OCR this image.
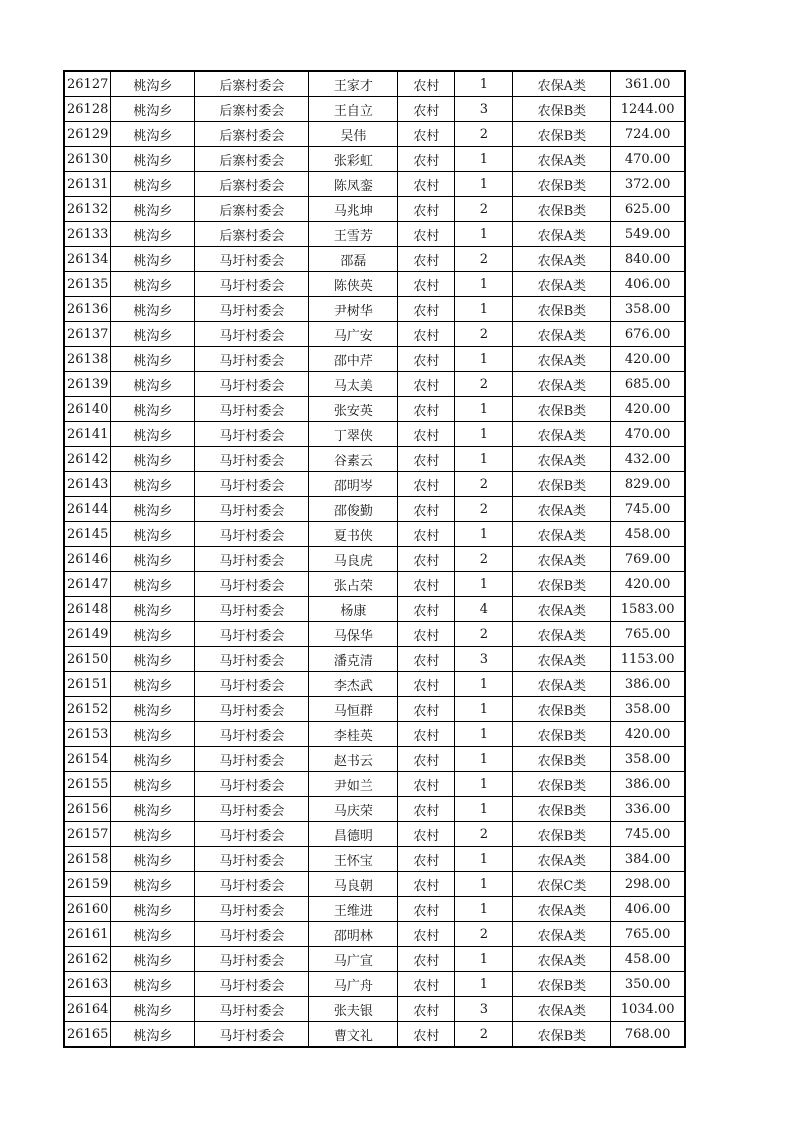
26127	桃沟乡	后寨村委会	王家才	农村	1	农保A类	361.00
26128	桃沟乡	后寨村委会	王自立	农村	3	农保B类	1244.00
26129	桃沟乡	后寨村委会	吴伟	农村	2	农保B类	724.00
26130	桃沟乡	后寨村委会	张彩虹	农村	1	农保A类	470.00
26131	桃沟乡	后寨村委会	陈凤銮	农村	1	农保B类	372.00
26132	桃沟乡	后寨村委会	马兆坤	农村	2	农保B类	625.00
26133	桃沟乡	后寨村委会	王雪芳	农村	1	农保A类	549.00
26134	桃沟乡	马圩村委会	邵磊	农村	2	农保A类	840.00
26135	桃沟乡	马圩村委会	陈侠英	农村	1	农保A类	406.00
26136	桃沟乡	马圩村委会	尹树华	农村	1	农保B类	358.00
26137	桃沟乡	马圩村委会	马广安	农村	2	农保A类	676.00
26138	桃沟乡	马圩村委会	邵中芹	农村	1	农保A类	420.00
26139	桃沟乡	马圩村委会	马太美	农村	2	农保A类	685.00
26140	桃沟乡	马圩村委会	张安英	农村	1	农保B类	420.00
26141	桃沟乡	马圩村委会	丁翠侠	农村	1	农保A类	470.00
26142	桃沟乡	马圩村委会	谷素云	农村	1	农保A类	432.00
26143	桃沟乡	马圩村委会	邵明岑	农村	2	农保B类	829.00
26144	桃沟乡	马圩村委会	邵俊勤	农村	2	农保A类	745.00
26145	桃沟乡	马圩村委会	夏书侠	农村	1	农保A类	458.00
26146	桃沟乡	马圩村委会	马良虎	农村	2	农保A类	769.00
26147	桃沟乡	马圩村委会	张占荣	农村	1	农保B类	420.00
26148	桃沟乡	马圩村委会	杨康	农村	4	农保A类	1583.00
26149	桃沟乡	马圩村委会	马保华	农村	2	农保A类	765.00
26150	桃沟乡	马圩村委会	潘克清	农村	3	农保A类	1153.00
26151	桃沟乡	马圩村委会	李杰武	农村	1	农保A类	386.00
26152	桃沟乡	马圩村委会	马恒群	农村	1	农保B类	358.00
26153	桃沟乡	马圩村委会	李桂英	农村	1	农保B类	420.00
26154	桃沟乡	马圩村委会	赵书云	农村	1	农保B类	358.00
26155	桃沟乡	马圩村委会	尹如兰	农村	1	农保B类	386.00
26156	桃沟乡	马圩村委会	马庆荣	农村	1	农保B类	336.00
26157	桃沟乡	马圩村委会	昌德明	农村	2	农保B类	745.00
26158	桃沟乡	马圩村委会	王怀宝	农村	1	农保A类	384.00
26159	桃沟乡	马圩村委会	马良朝	农村	1	农保C类	298.00
26160	桃沟乡	马圩村委会	王维进	农村	1	农保A类	406.00
26161	桃沟乡	马圩村委会	邵明林	农村	2	农保A类	765.00
26162	桃沟乡	马圩村委会	马广宣	农村	1	农保A类	458.00
26163	桃沟乡	马圩村委会	马广舟	农村	1	农保B类	350.00
26164	桃沟乡	马圩村委会	张夫银	农村	3	农保A类	1034.00
26165	桃沟乡	马圩村委会	曹文礼	农村	2	农保B类	768.00
